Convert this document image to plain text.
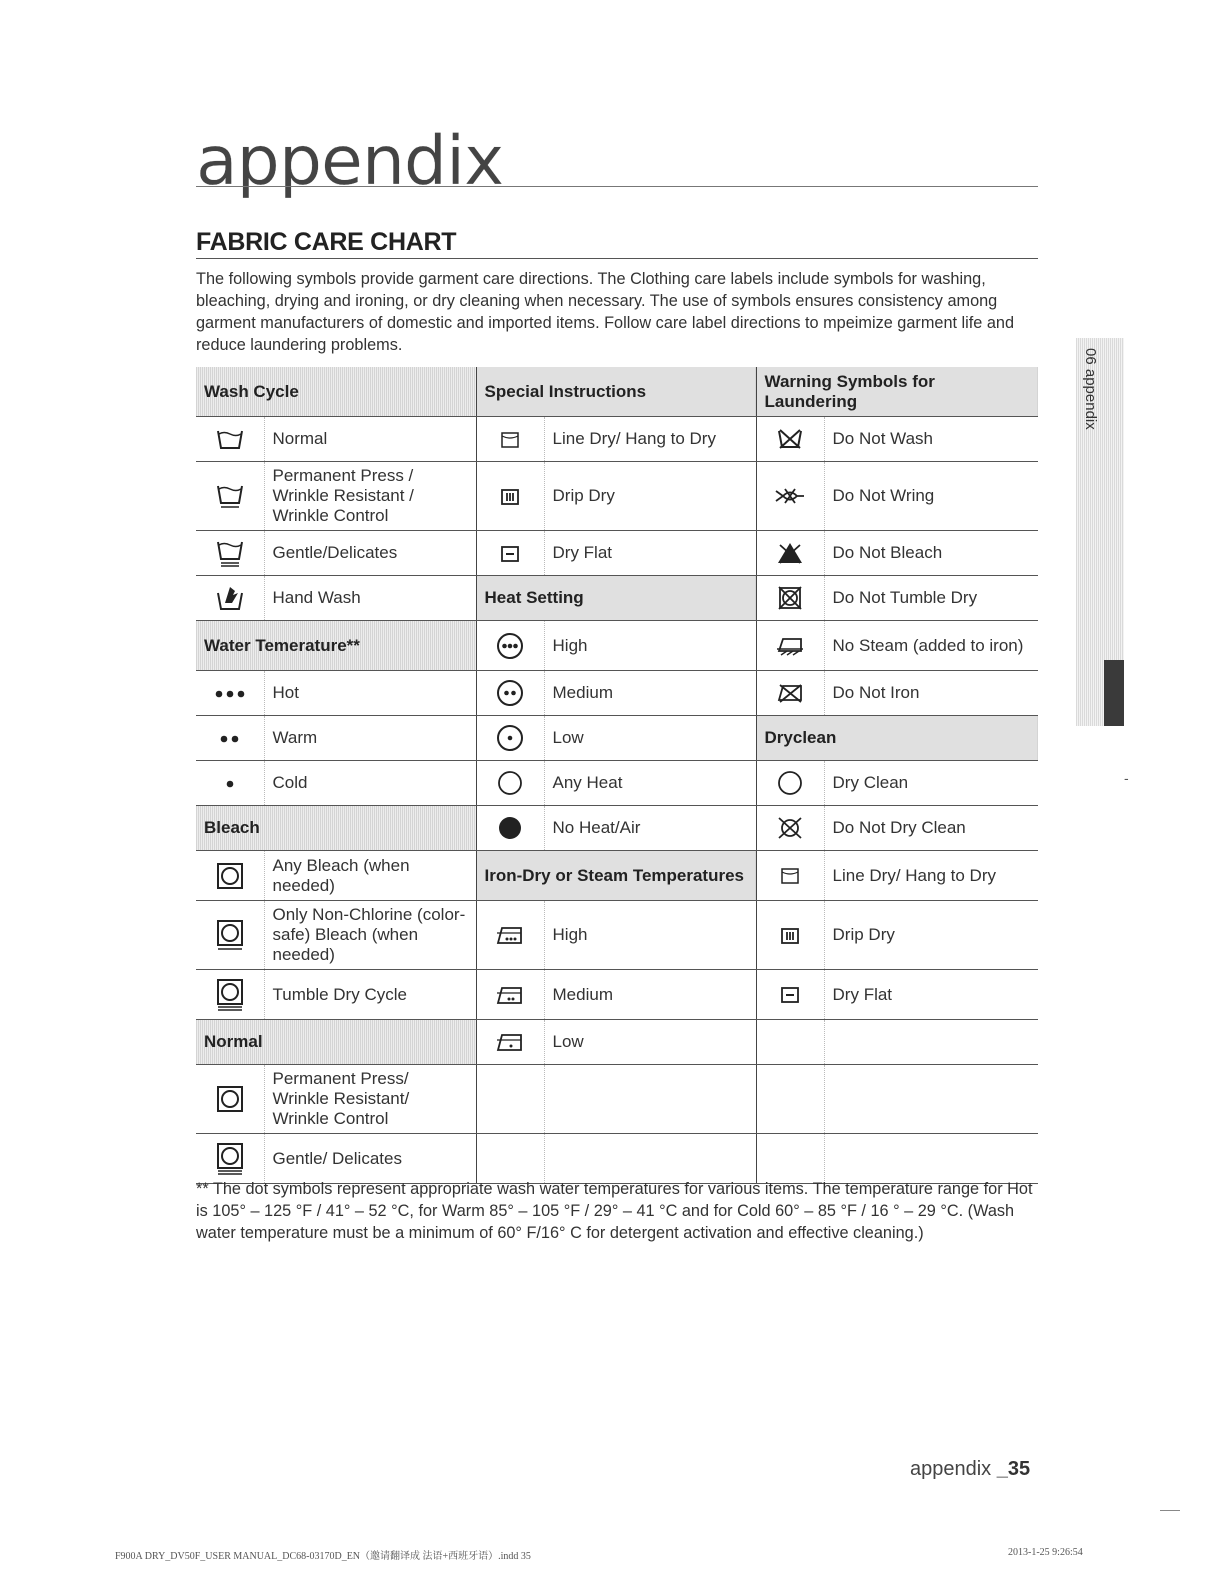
appendix
FABRIC CARE CHART

The following symbols provide garment care directions. The Clothing care labels include symbols for washing, bleaching, drying and ironing, or dry cleaning when necessary. The use of symbols ensures consistency among garment manufacturers of domestic and imported items. Follow care label directions to mpeimize garment life and reduce laundering problems.

06 appendix
-
Wash Cycle		Special Instructions		Warning Symbols for Laundering	
	Normal		Line Dry/ Hang to Dry		Do Not Wash
	Permanent Press / Wrinkle Resistant / Wrinkle Control		Drip Dry		Do Not Wring
	Gentle/Delicates		Dry Flat		Do Not Bleach
	Hand Wash	Heat Setting			Do Not Tumble Dry
Water Temerature**			High		No Steam (added to iron)
	Hot		Medium		Do Not Iron
	Warm		Low	Dryclean	
	Cold		Any Heat		Dry Clean
Bleach			No Heat/Air		Do Not Dry Clean
	Any Bleach (when needed)	Iron-Dry or Steam Temperatures			Line Dry/ Hang to Dry
	Only Non-Chlorine (color-safe) Bleach (when needed)		High		Drip Dry
	Tumble Dry Cycle		Medium		Dry Flat
Normal			Low		
	Permanent Press/ Wrinkle Resistant/ Wrinkle Control				
	Gentle/ Delicates				

** The dot symbols represent appropriate wash water temperatures for various items. The temperature range for Hot is 105° – 125 °F / 41° – 52 °C, for Warm 85° – 105 °F / 29° – 41 °C and for Cold 60° – 85 °F / 16 ° – 29 °C. (Wash water temperature must be a minimum of 60° F/16° C for detergent activation and effective cleaning.)

appendix _35
F900A DRY_DV50F_USER MANUAL_DC68-03170D_EN（邀请翻译成 法语+西班牙语）.indd 35	2013-1-25 9:26:54
